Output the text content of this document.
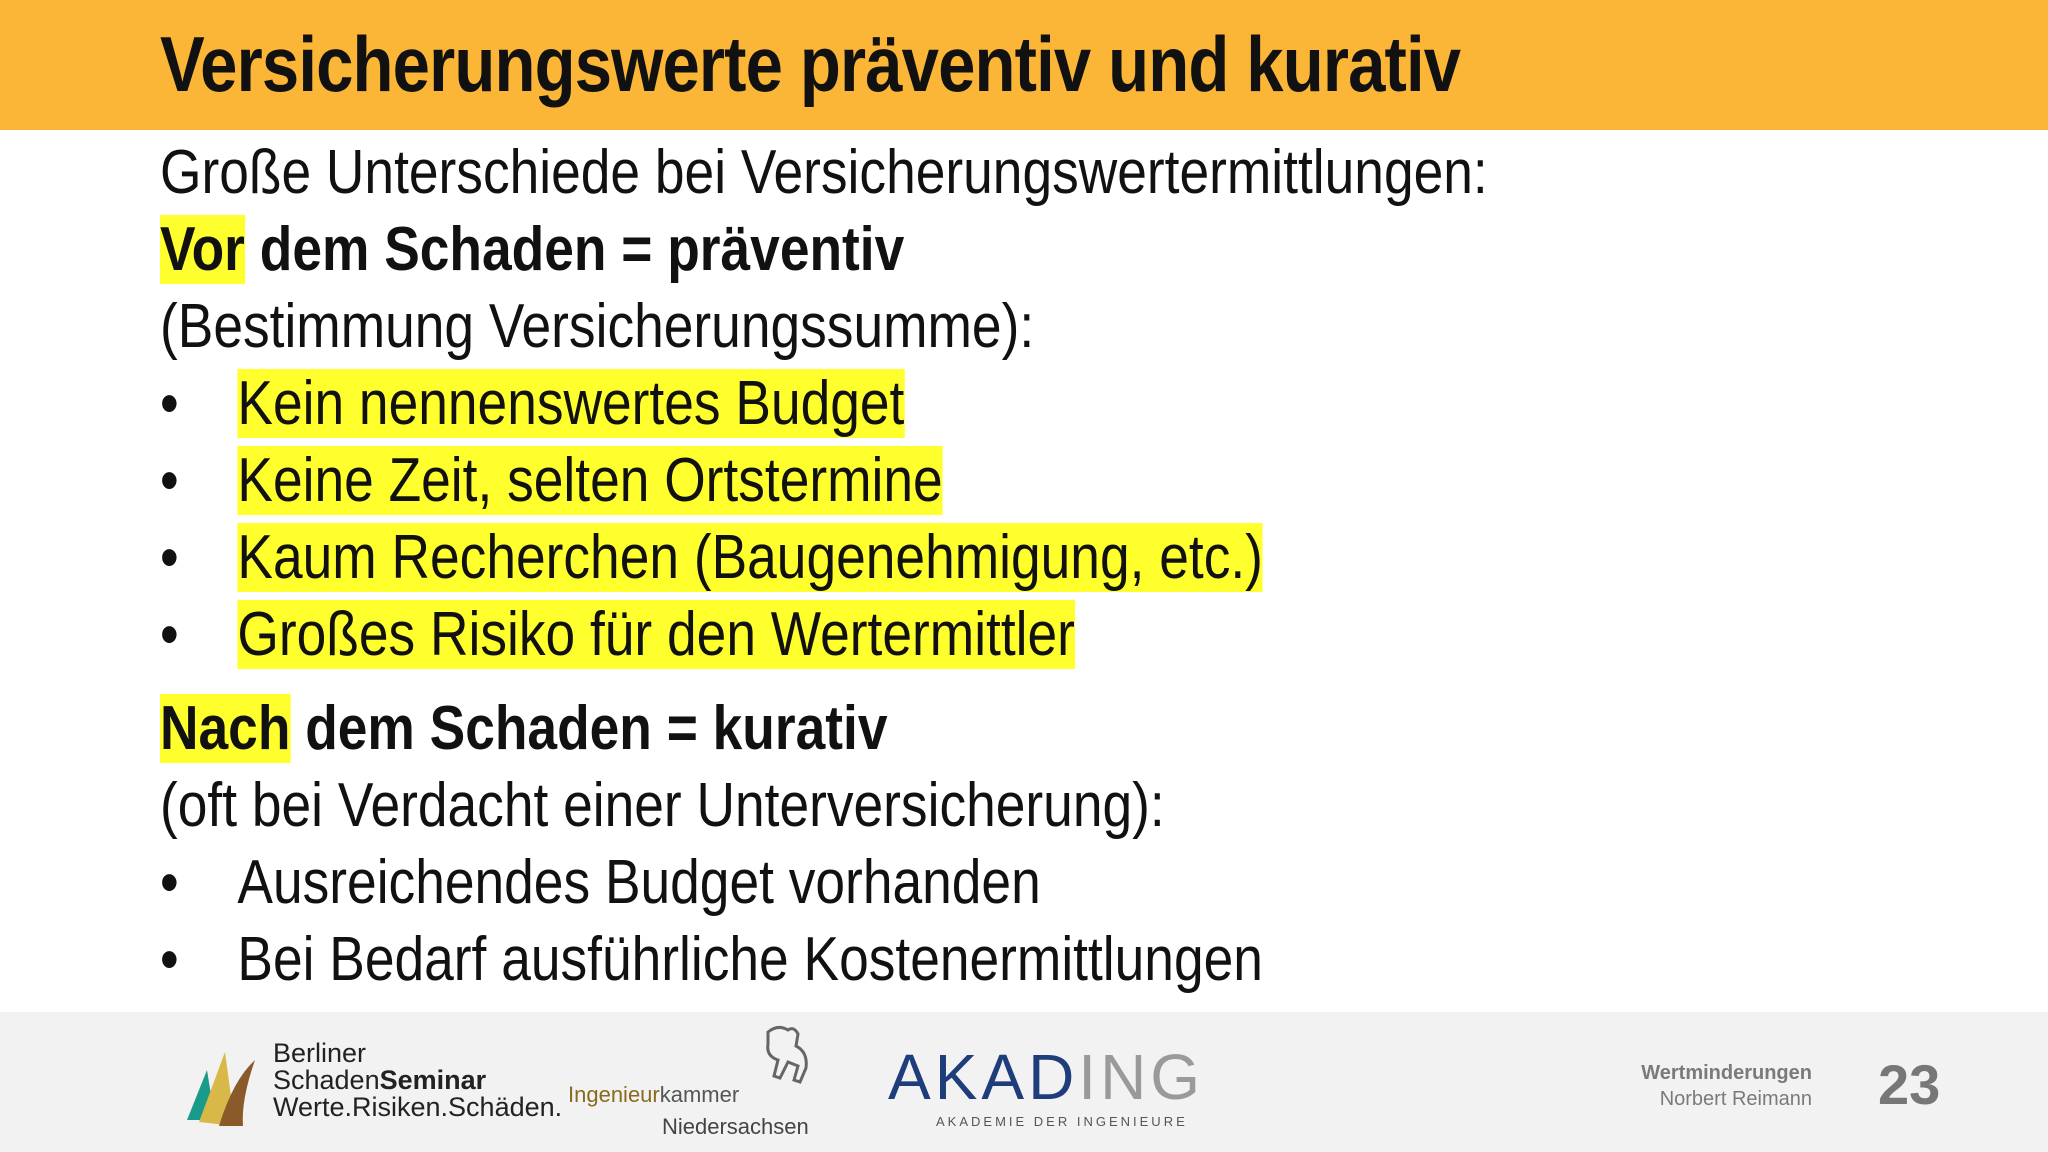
Versicherungswerte präventiv und kurativ
Große Unterschiede bei Versicherungswertermittlungen:
Vor dem Schaden = präventiv
(Bestimmung Versicherungssumme):
• Kein nennenswertes Budget
• Keine Zeit, selten Ortstermine
• Kaum Recherchen (Baugenehmigung, etc.)
• Großes Risiko für den Wertermittler
Nach dem Schaden = kurativ
(oft bei Verdacht einer Unterversicherung):
• Ausreichendes Budget vorhanden
• Bei Bedarf ausführliche Kostenermittlungen
Berliner
SchadenSeminar
Werte.Risiken.Schäden. Ingenieurkammer
Niedersachsen
AKADING
AKADEMIE DER INGENIEURE
Wertminderungen
Norbert Reimann 23
